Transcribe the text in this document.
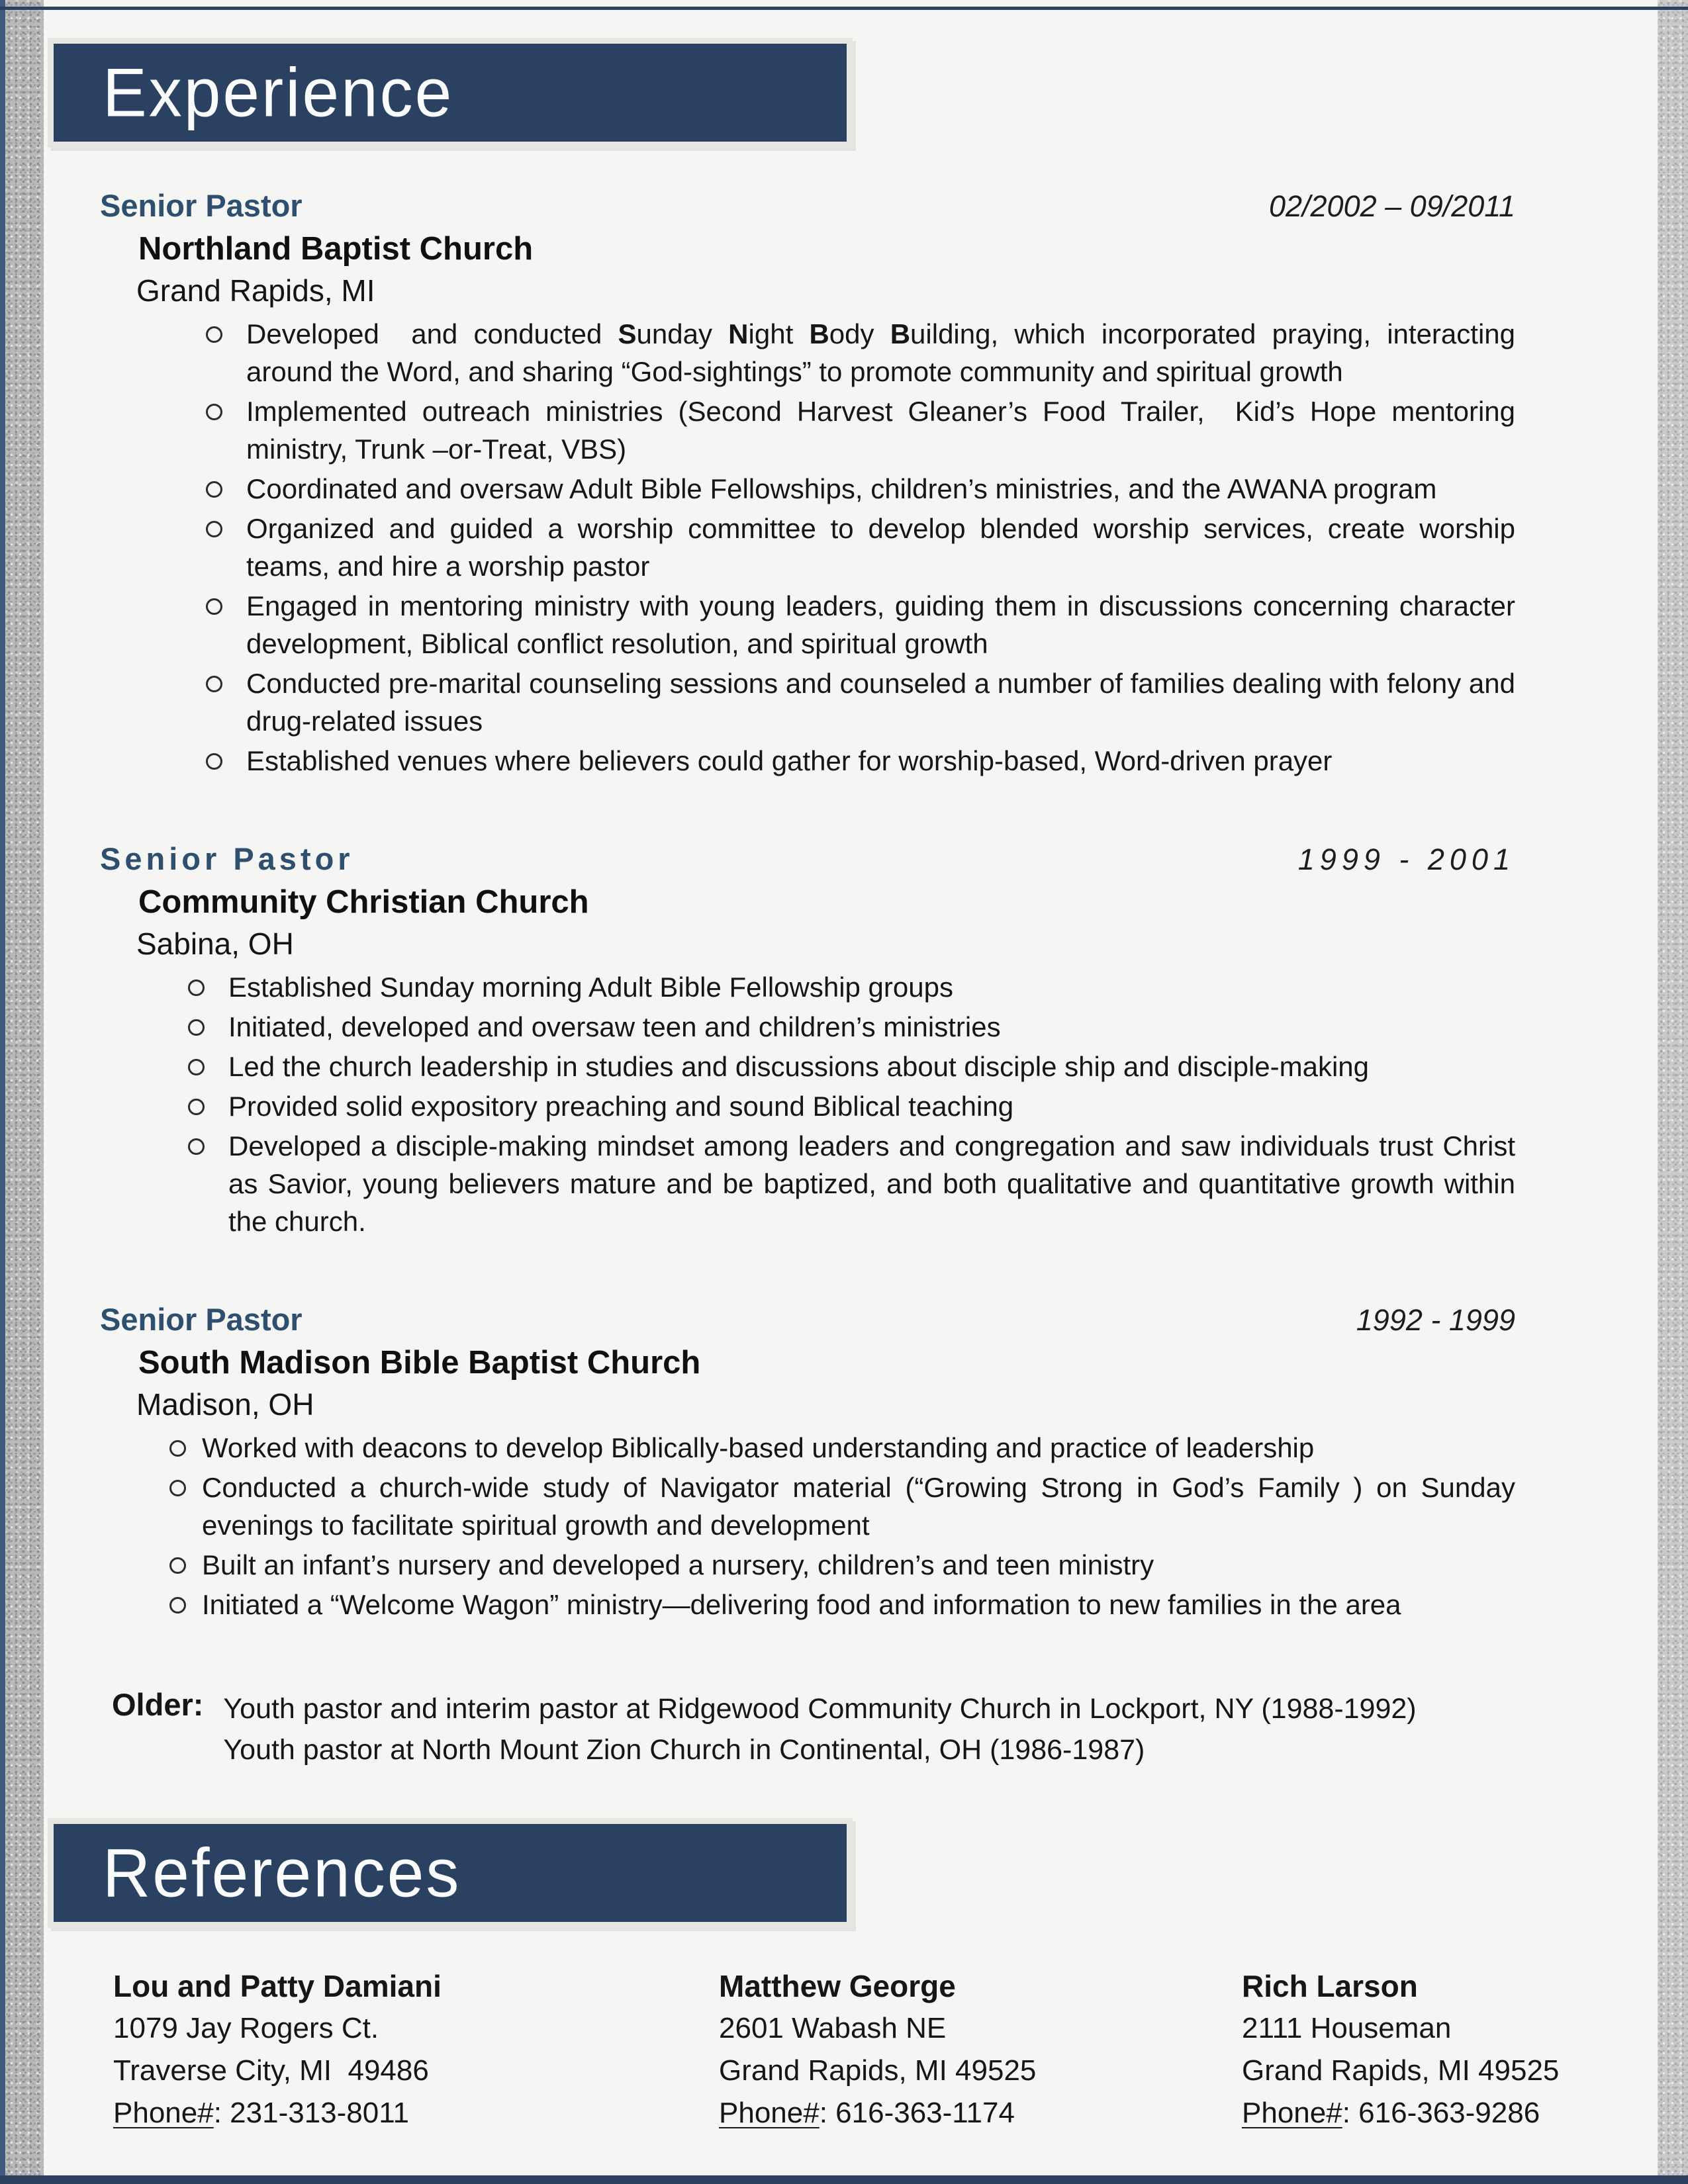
Experience
Senior Pastor	02/2002 – 09/2011
Northland Baptist Church
Grand Rapids, MI
Developed  and conducted Sunday Night Body Building, which incorporated praying, interacting around the Word, and sharing “God-sightings” to promote community and spiritual growth
Implemented outreach ministries (Second Harvest Gleaner’s Food Trailer,  Kid’s Hope mentoring ministry, Trunk –or-Treat, VBS)
Coordinated and oversaw Adult Bible Fellowships, children’s ministries, and the AWANA program
Organized and guided a worship committee to develop blended worship services, create worship teams, and hire a worship pastor
Engaged in mentoring ministry with young leaders, guiding them in discussions concerning character development, Biblical conflict resolution, and spiritual growth
Conducted pre-marital counseling sessions and counseled a number of families dealing with felony and drug-related issues
Established venues where believers could gather for worship-based, Word-driven prayer
Senior Pastor	1999 - 2001
Community Christian Church
Sabina, OH
Established Sunday morning Adult Bible Fellowship groups
Initiated, developed and oversaw teen and children’s ministries
Led the church leadership in studies and discussions about disciple ship and disciple-making
Provided solid expository preaching and sound Biblical teaching
Developed a disciple-making mindset among leaders and congregation and saw individuals trust Christ as Savior, young believers mature and be baptized, and both qualitative and quantitative growth within the church.
Senior Pastor	1992 - 1999
South Madison Bible Baptist Church
Madison, OH
Worked with deacons to develop Biblically-based understanding and practice of leadership
Conducted a church-wide study of Navigator material (“Growing Strong in God’s Family ) on Sunday evenings to facilitate spiritual growth and development
Built an infant’s nursery and developed a nursery, children’s and teen ministry
Initiated a “Welcome Wagon” ministry—delivering food and information to new families in the area
Older: Youth pastor and interim pastor at Ridgewood Community Church in Lockport, NY (1988-1992)
Youth pastor at North Mount Zion Church in Continental, OH (1986-1987)
References
Lou and Patty Damiani
1079 Jay Rogers Ct.
Traverse City, MI  49486
Phone#: 231-313-8011
Matthew George
2601 Wabash NE
Grand Rapids, MI 49525
Phone#: 616-363-1174
Rich Larson
2111 Houseman
Grand Rapids, MI 49525
Phone#: 616-363-9286
